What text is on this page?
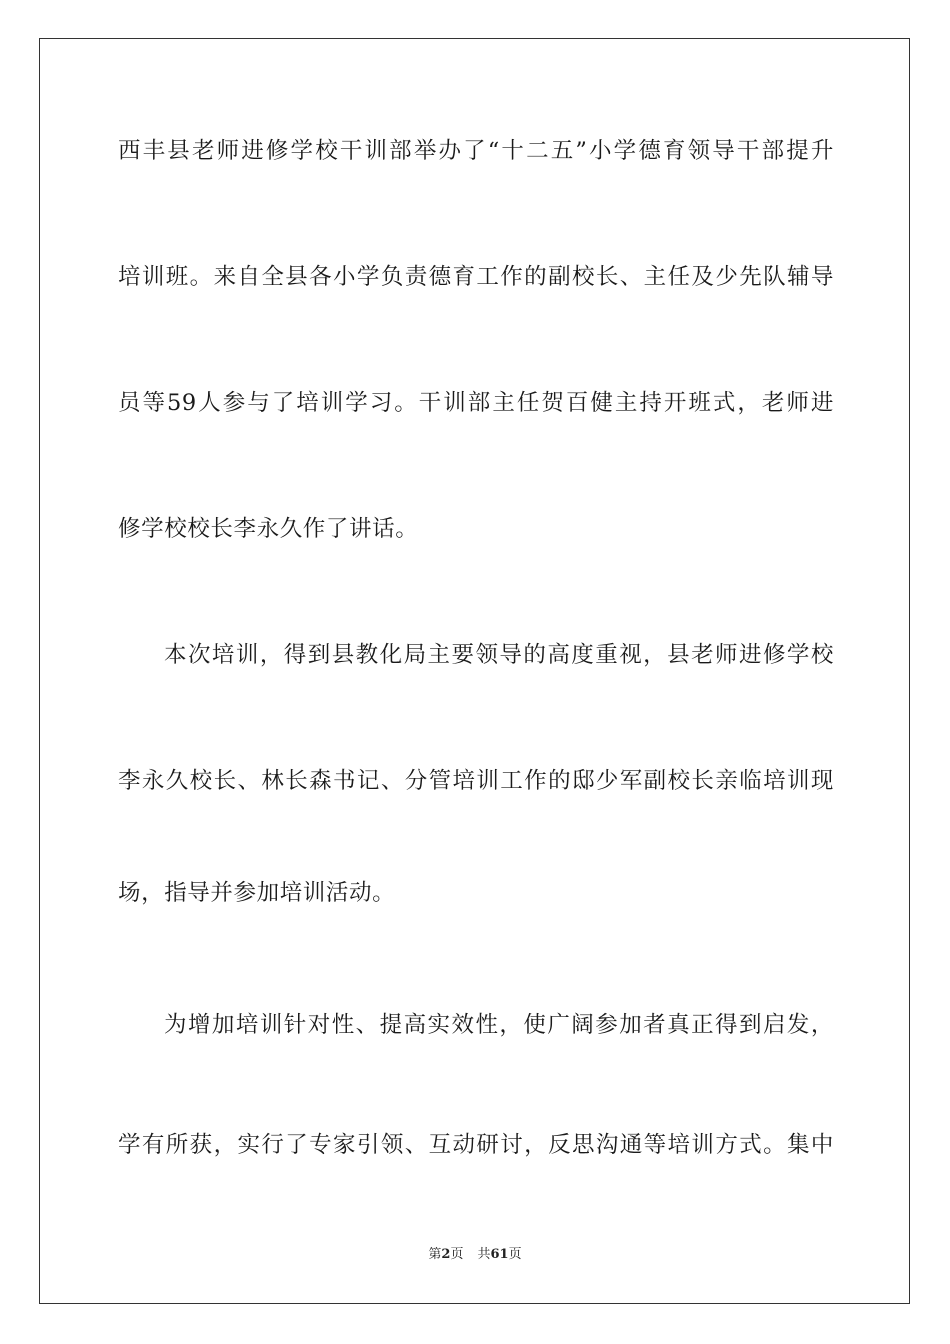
西丰县老师进修学校干训部举办了“十二五”小学德育领导干部提升
培训班。来自全县各小学负责德育工作的副校长、主任及少先队辅导
员等59人参与了培训学习。干训部主任贺百健主持开班式，老师进
修学校校长李永久作了讲话。
本次培训，得到县教化局主要领导的高度重视，县老师进修学校
李永久校长、林长森书记、分管培训工作的邸少军副校长亲临培训现
场，指导并参加培训活动。
为增加培训针对性、提高实效性，使广阔参加者真正得到启发，
学有所获，实行了专家引领、互动研讨，反思沟通等培训方式。集中
第2页 共61页
